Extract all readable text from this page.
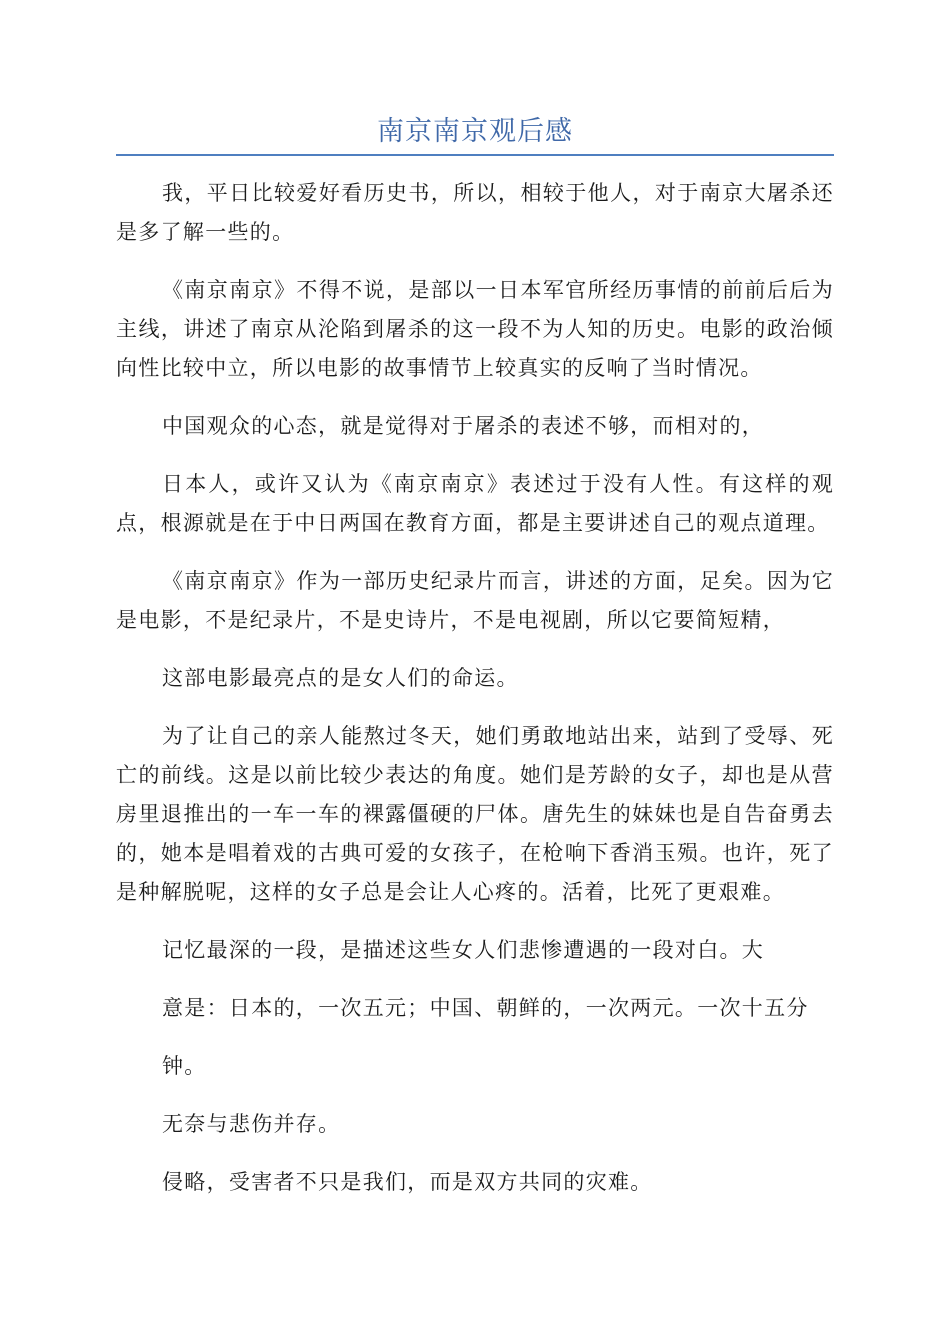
南京南京观后感

我，平日比较爱好看历史书，所以，相较于他人，对于南京大屠杀还是多了解一些的。

《南京南京》不得不说，是部以一日本军官所经历事情的前前后后为主线，讲述了南京从沦陷到屠杀的这一段不为人知的历史。电影的政治倾向性比较中立，所以电影的故事情节上较真实的反响了当时情况。

中国观众的心态，就是觉得对于屠杀的表述不够，而相对的，

日本人，或许又认为《南京南京》表述过于没有人性。有这样的观点，根源就是在于中日两国在教育方面，都是主要讲述自己的观点道理。

《南京南京》作为一部历史纪录片而言，讲述的方面，足矣。因为它是电影，不是纪录片，不是史诗片，不是电视剧，所以它要简短精，

这部电影最亮点的是女人们的命运。

为了让自己的亲人能熬过冬天，她们勇敢地站出来，站到了受辱、死亡的前线。这是以前比较少表达的角度。她们是芳龄的女子，却也是从营房里退推出的一车一车的裸露僵硬的尸体。唐先生的妹妹也是自告奋勇去的，她本是唱着戏的古典可爱的女孩子，在枪响下香消玉殒。也许，死了是种解脱呢，这样的女子总是会让人心疼的。活着，比死了更艰难。

记忆最深的一段，是描述这些女人们悲惨遭遇的一段对白。大

意是：日本的，一次五元；中国、朝鲜的，一次两元。一次十五分

钟。

无奈与悲伤并存。

侵略，受害者不只是我们，而是双方共同的灾难。
